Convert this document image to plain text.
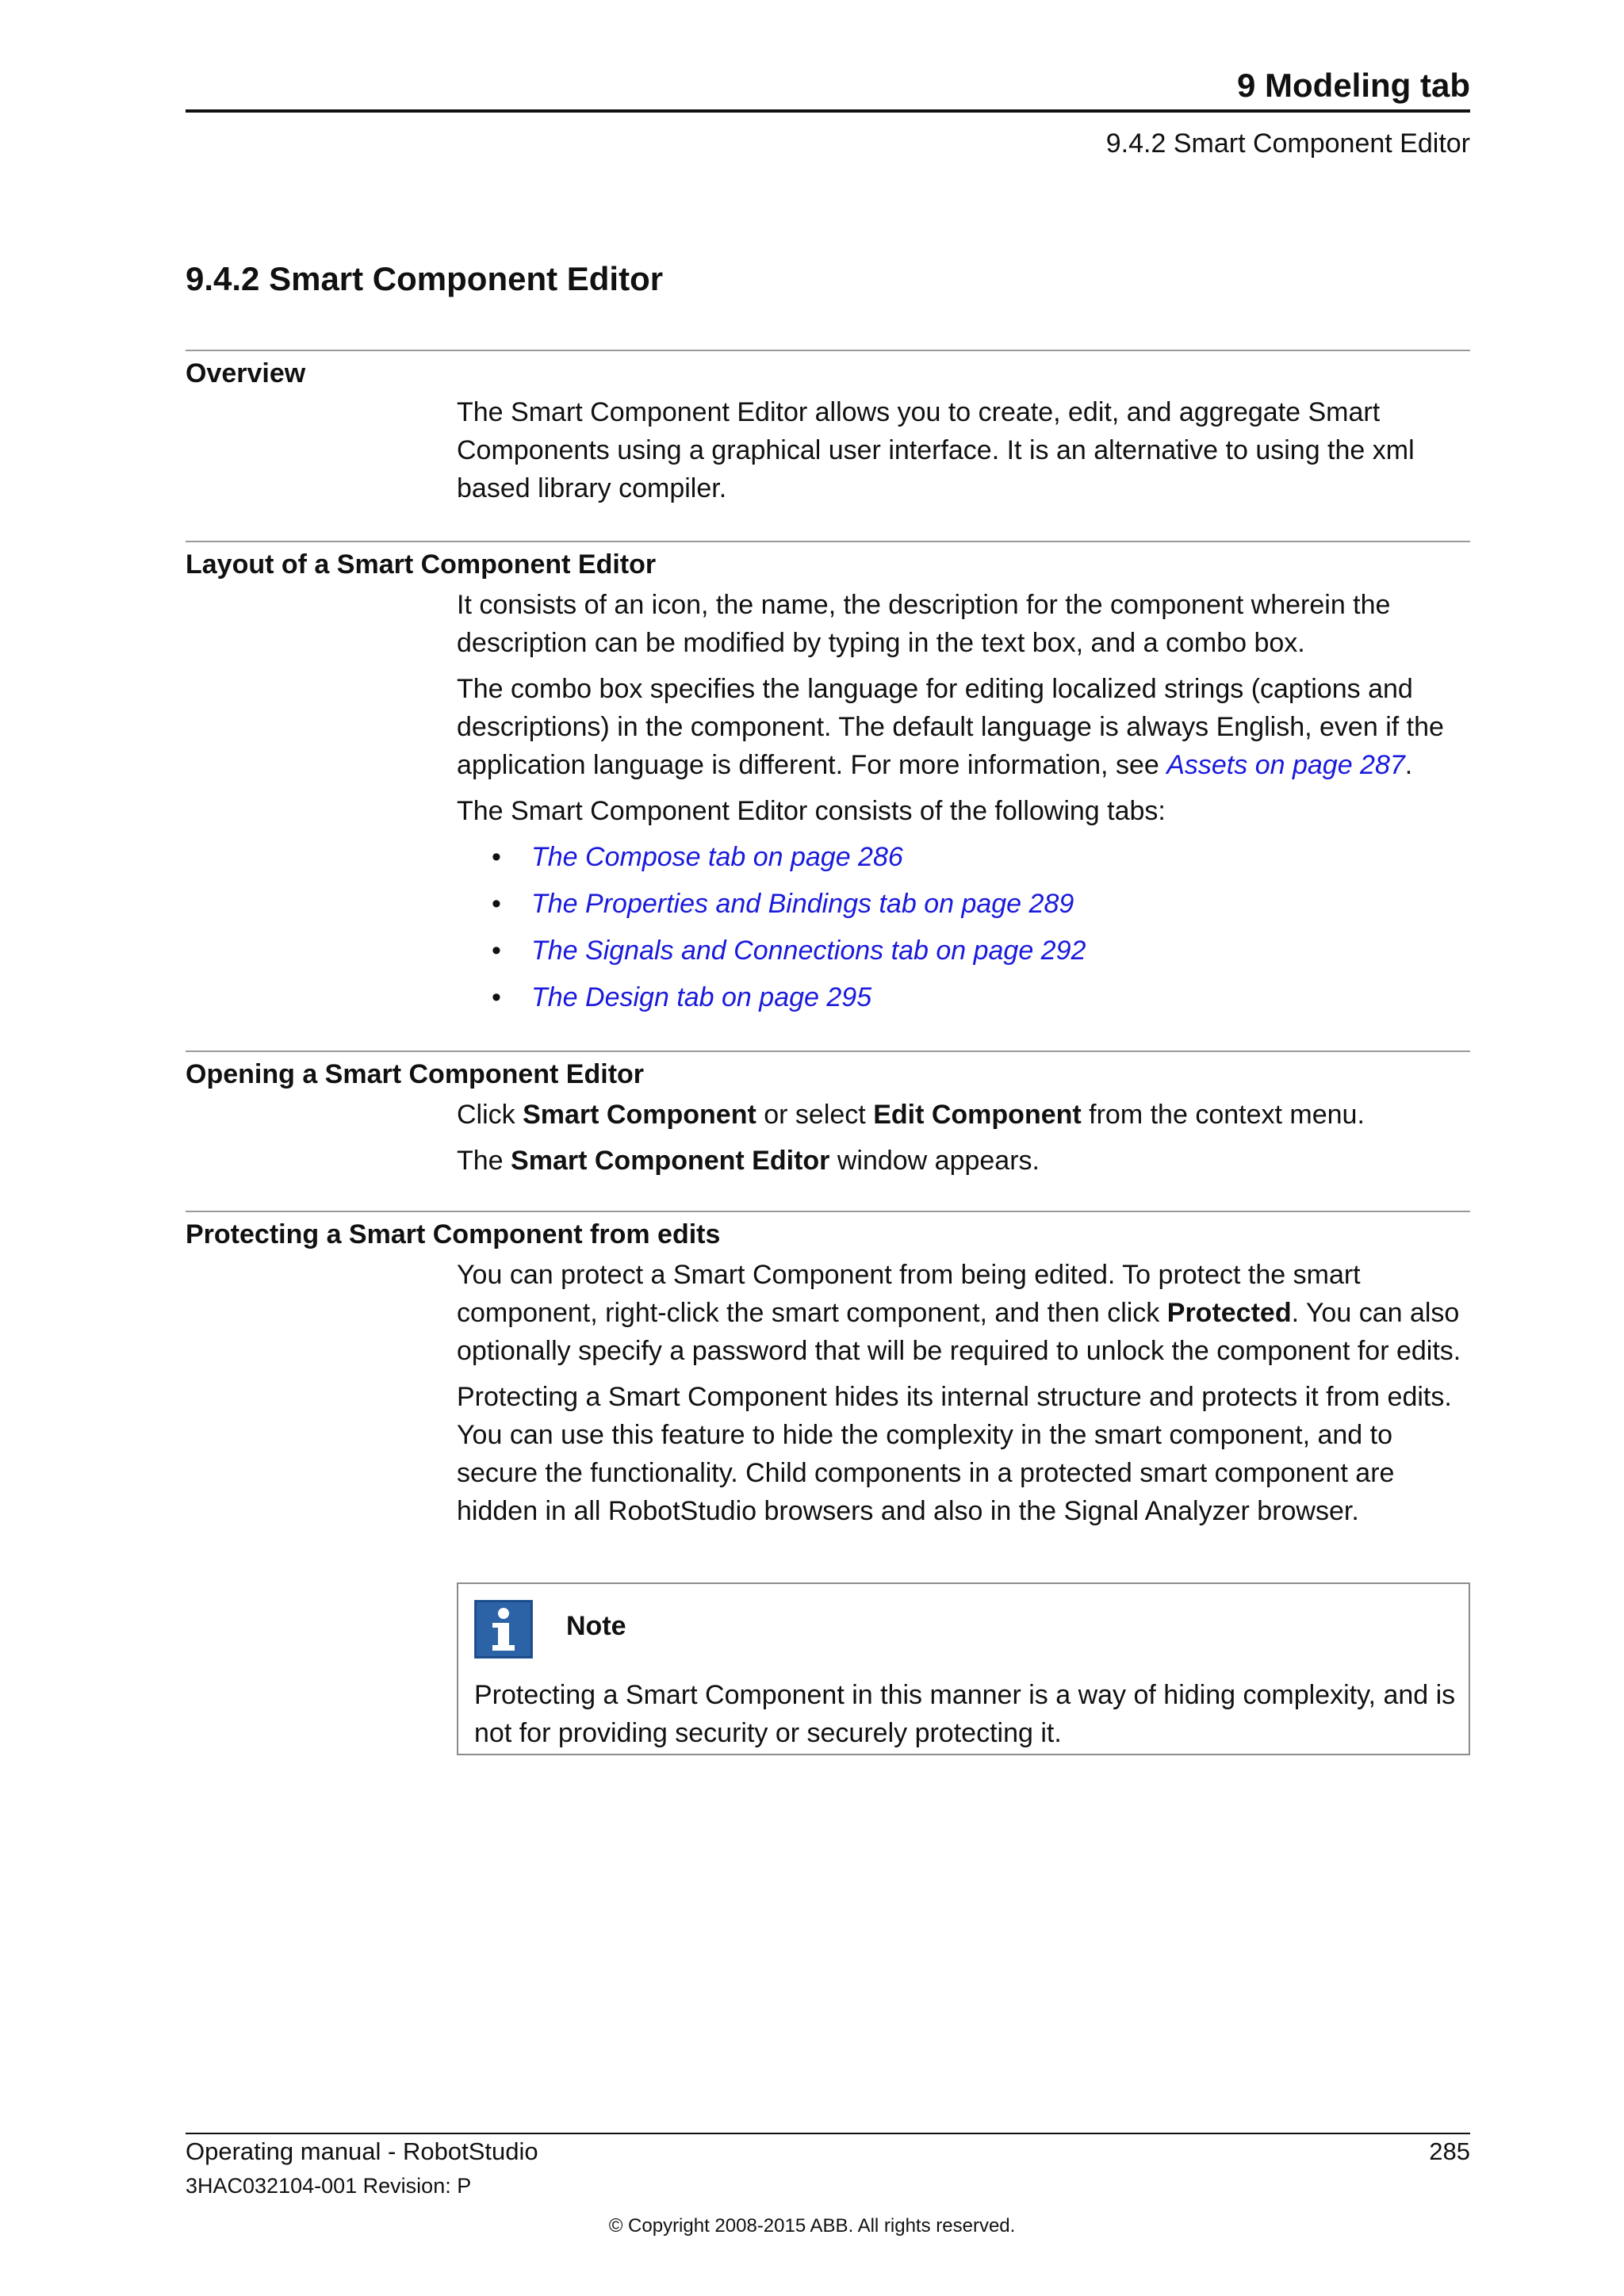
9 Modeling tab
9.4.2 Smart Component Editor
9.4.2 Smart Component Editor
Overview

The Smart Component Editor allows you to create, edit, and aggregate Smart Components using a graphical user interface. It is an alternative to using the xml based library compiler.

Layout of a Smart Component Editor

It consists of an icon, the name, the description for the component wherein the description can be modified by typing in the text box, and a combo box.

The combo box specifies the language for editing localized strings (captions and descriptions) in the component. The default language is always English, even if the application language is different. For more information, see Assets on page 287.

The Smart Component Editor consists of the following tabs:

• The Compose tab on page 286
• The Properties and Bindings tab on page 289
• The Signals and Connections tab on page 292
• The Design tab on page 295
Opening a Smart Component Editor

Click Smart Component or select Edit Component from the context menu.

The Smart Component Editor window appears.

Protecting a Smart Component from edits

You can protect a Smart Component from being edited. To protect the smart component, right-click the smart component, and then click Protected. You can also optionally specify a password that will be required to unlock the component for edits.

Protecting a Smart Component hides its internal structure and protects it from edits. You can use this feature to hide the complexity in the smart component, and to secure the functionality. Child components in a protected smart component are hidden in all RobotStudio browsers and also in the Signal Analyzer browser.

Note
Protecting a Smart Component in this manner is a way of hiding complexity, and is not for providing security or securely protecting it.
Operating manual - RobotStudio	285
3HAC032104-001 Revision: P
© Copyright 2008-2015 ABB. All rights reserved.
